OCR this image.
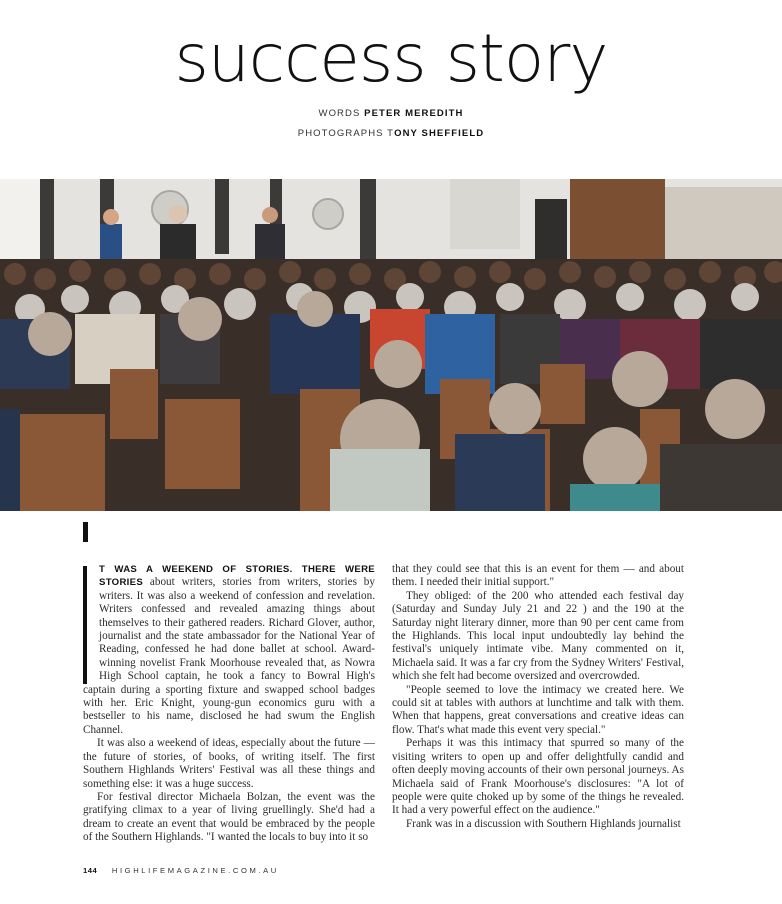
success story
WORDS PETER MEREDITH
PHOTOGRAPHS TONY SHEFFIELD

T WAS A WEEKEND OF STORIES. THERE WERE STORIES about writers, stories from writers, stories by writers. It was also a weekend of confession and revelation. Writers confessed and revealed amazing things about themselves to their gathered readers. Richard Glover, author, journalist and the state ambassador for the National Year of Reading, confessed he had done ballet at school. Award-winning novelist Frank Moorhouse revealed that, as Nowra High School captain, he took a fancy to Bowral High's captain during a sporting fixture and swapped school badges with her. Eric Knight, young-gun economics guru with a bestseller to his name, disclosed he had swum the English Channel.

It was also a weekend of ideas, especially about the future — the future of stories, of books, of writing itself. The first Southern Highlands Writers' Festival was all these things and something else: it was a huge success.

For festival director Michaela Bolzan, the event was the gratifying climax to a year of living gruellingly. She'd had a dream to create an event that would be embraced by the people of the Southern Highlands. "I wanted the locals to buy into it so

that they could see that this is an event for them — and about them. I needed their initial support."

They obliged: of the 200 who attended each festival day (Saturday and Sunday July 21 and 22 ) and the 190 at the Saturday night literary dinner, more than 90 per cent came from the Highlands. This local input undoubtedly lay behind the festival's uniquely intimate vibe. Many commented on it, Michaela said. It was a far cry from the Sydney Writers' Festival, which she felt had become oversized and overcrowded.

"People seemed to love the intimacy we created here. We could sit at tables with authors at lunchtime and talk with them. When that happens, great conversations and creative ideas can flow. That's what made this event very special."

Perhaps it was this intimacy that spurred so many of the visiting writers to open up and offer delightfully candid and often deeply moving accounts of their own personal journeys. As Michaela said of Frank Moorhouse's disclosures: "A lot of people were quite choked up by some of the things he revealed. It had a very powerful effect on the audience."

Frank was in a discussion with Southern Highlands journalist

144 HIGHLIFEMAGAZINE.COM.AU
